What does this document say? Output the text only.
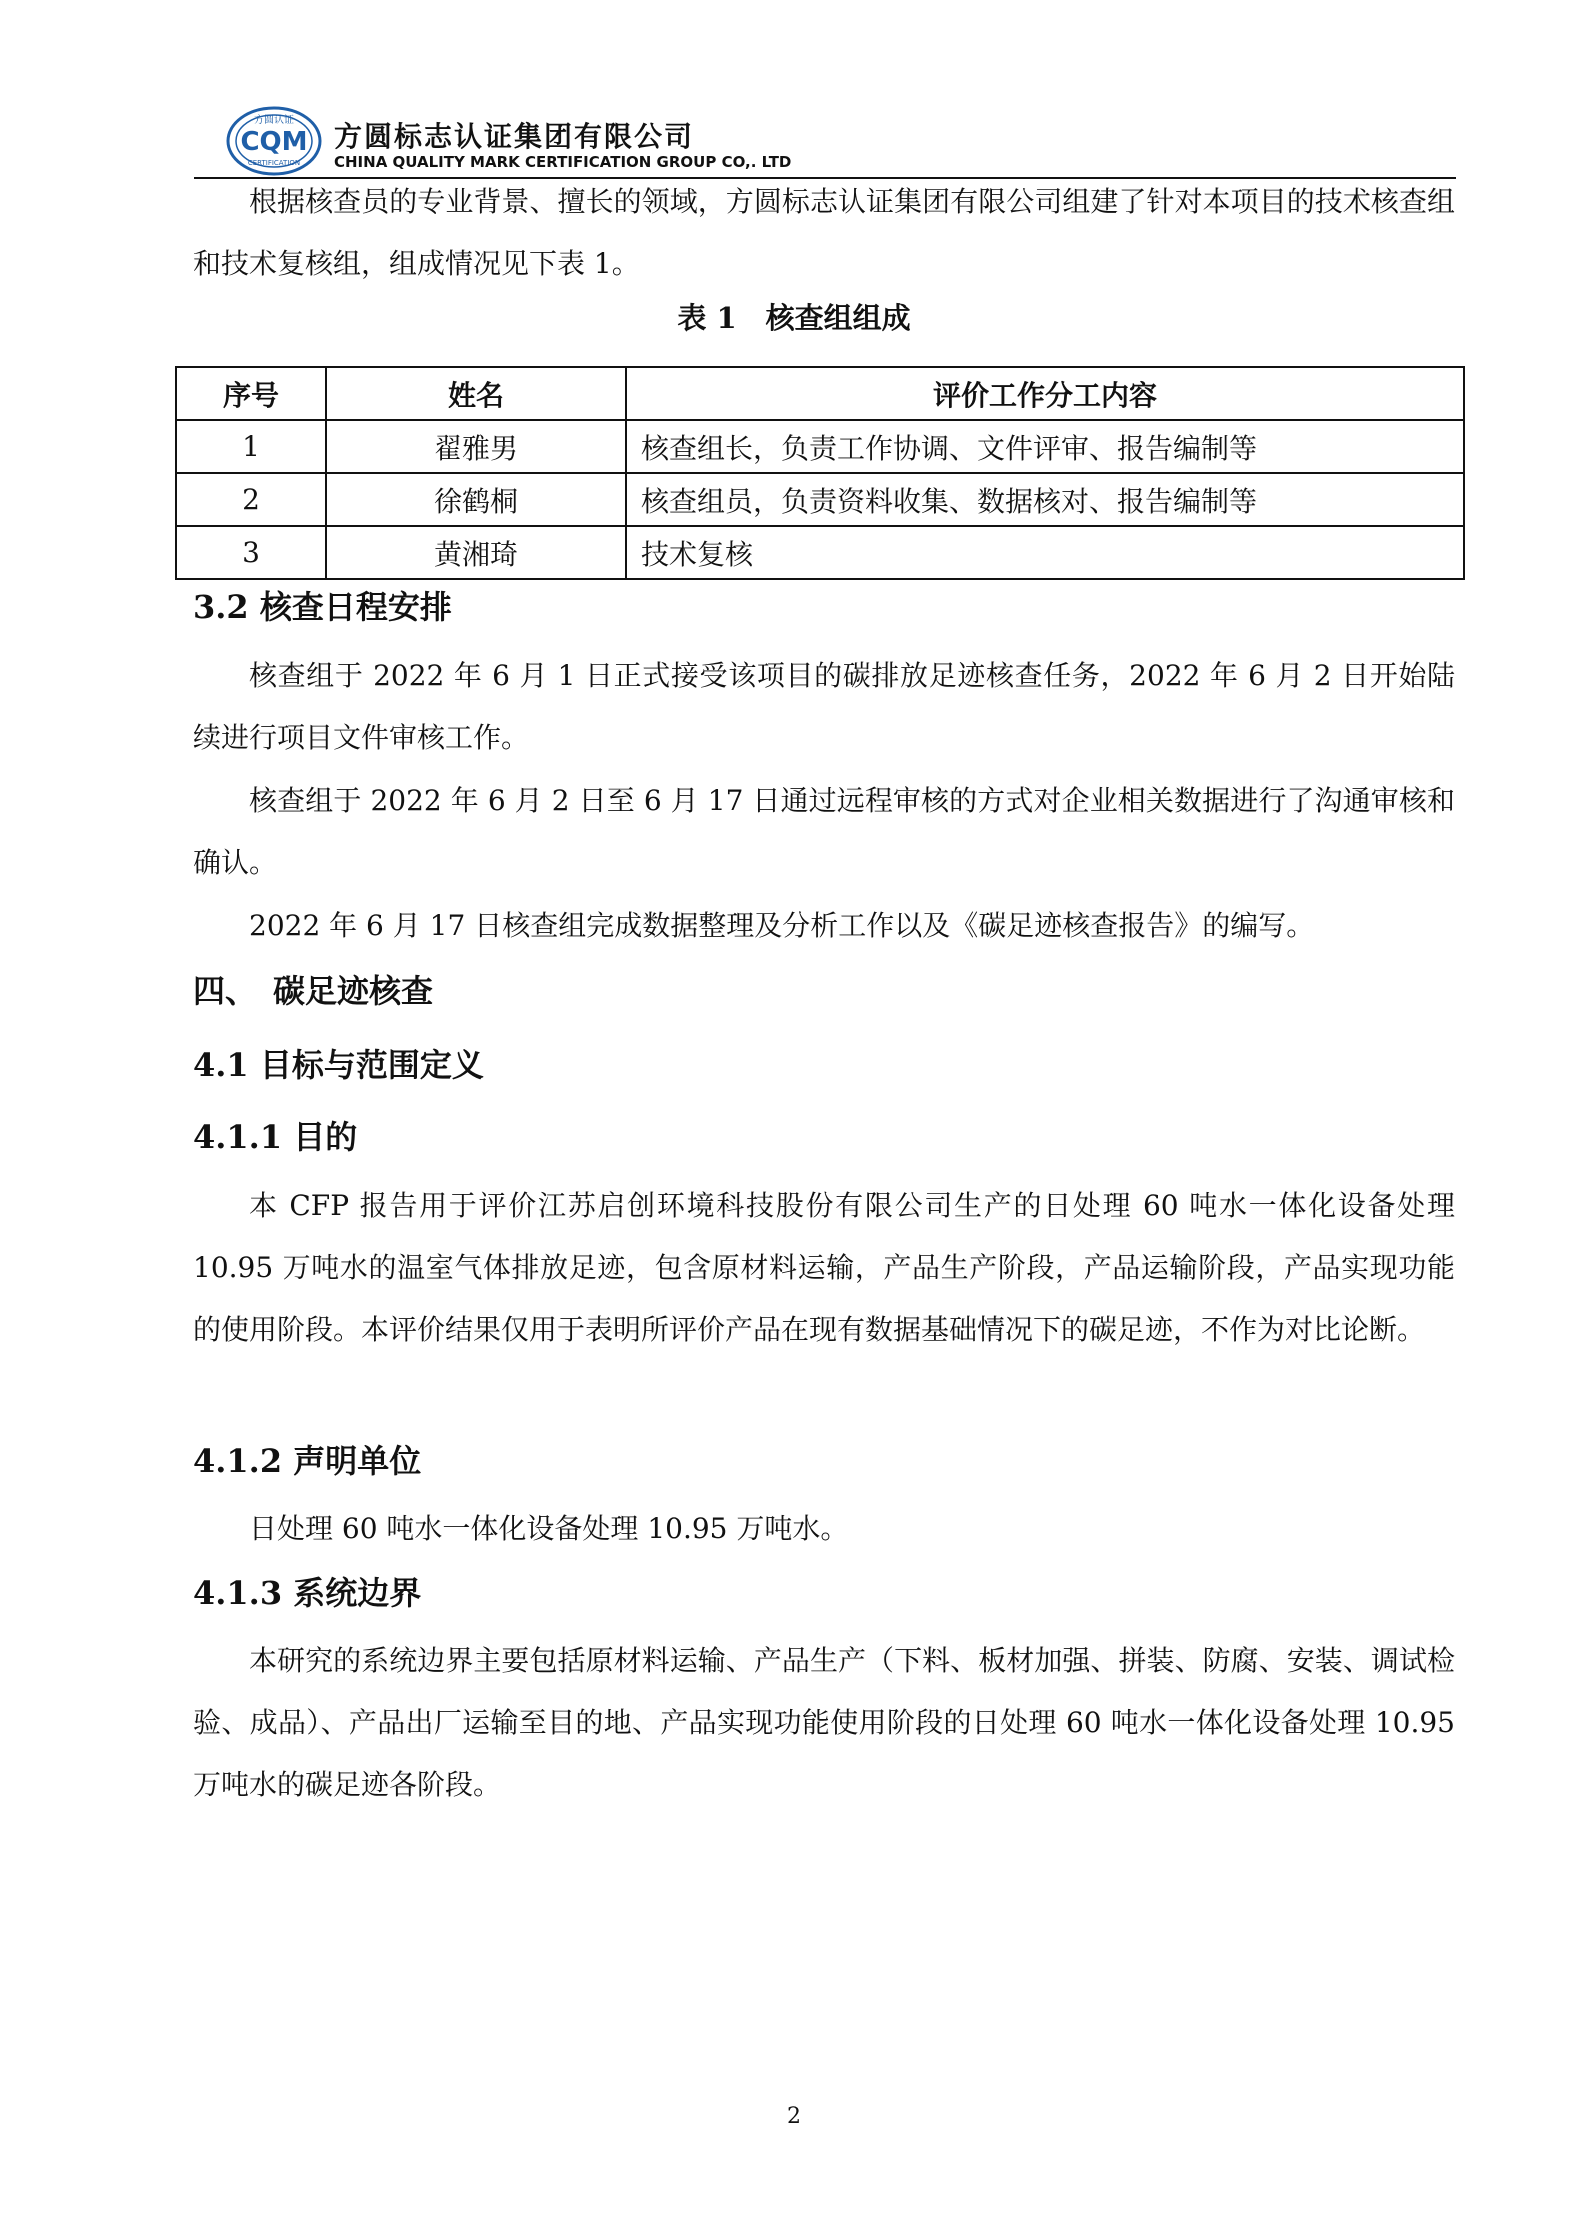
方圆认证
CQM
CERTIFICATION
方圆标志认证集团有限公司
CHINA QUALITY MARK CERTIFICATION GROUP CO,. LTD

根据核查员的专业背景、擅长的领域，方圆标志认证集团有限公司组建了针对本项目的技术核查组和技术复核组，组成情况见下表 1。

表 1　核查组组成
序号	姓名	评价工作分工内容
1	翟雅男	核查组长，负责工作协调、文件评审、报告编制等
2	徐鹤桐	核查组员，负责资料收集、数据核对、报告编制等
3	黄湘琦	技术复核
3.2 核查日程安排

核查组于 2022 年 6 月 1 日正式接受该项目的碳排放足迹核查任务，2022 年 6 月 2 日开始陆续进行项目文件审核工作。

核查组于 2022 年 6 月 2 日至 6 月 17 日通过远程审核的方式对企业相关数据进行了沟通审核和确认。

2022 年 6 月 17 日核查组完成数据整理及分析工作以及《碳足迹核查报告》的编写。

四、　碳足迹核查
4.1 目标与范围定义
4.1.1 目的

本 CFP 报告用于评价江苏启创环境科技股份有限公司生产的日处理 60 吨水一体化设备处理 10.95 万吨水的温室气体排放足迹，包含原材料运输，产品生产阶段，产品运输阶段，产品实现功能的使用阶段。本评价结果仅用于表明所评价产品在现有数据基础情况下的碳足迹，不作为对比论断。

4.1.2 声明单位

日处理 60 吨水一体化设备处理 10.95 万吨水。

4.1.3 系统边界

本研究的系统边界主要包括原材料运输、产品生产（下料、板材加强、拼装、防腐、安装、调试检验、成品）、产品出厂运输至目的地、产品实现功能使用阶段的日处理 60 吨水一体化设备处理 10.95 万吨水的碳足迹各阶段。

2
